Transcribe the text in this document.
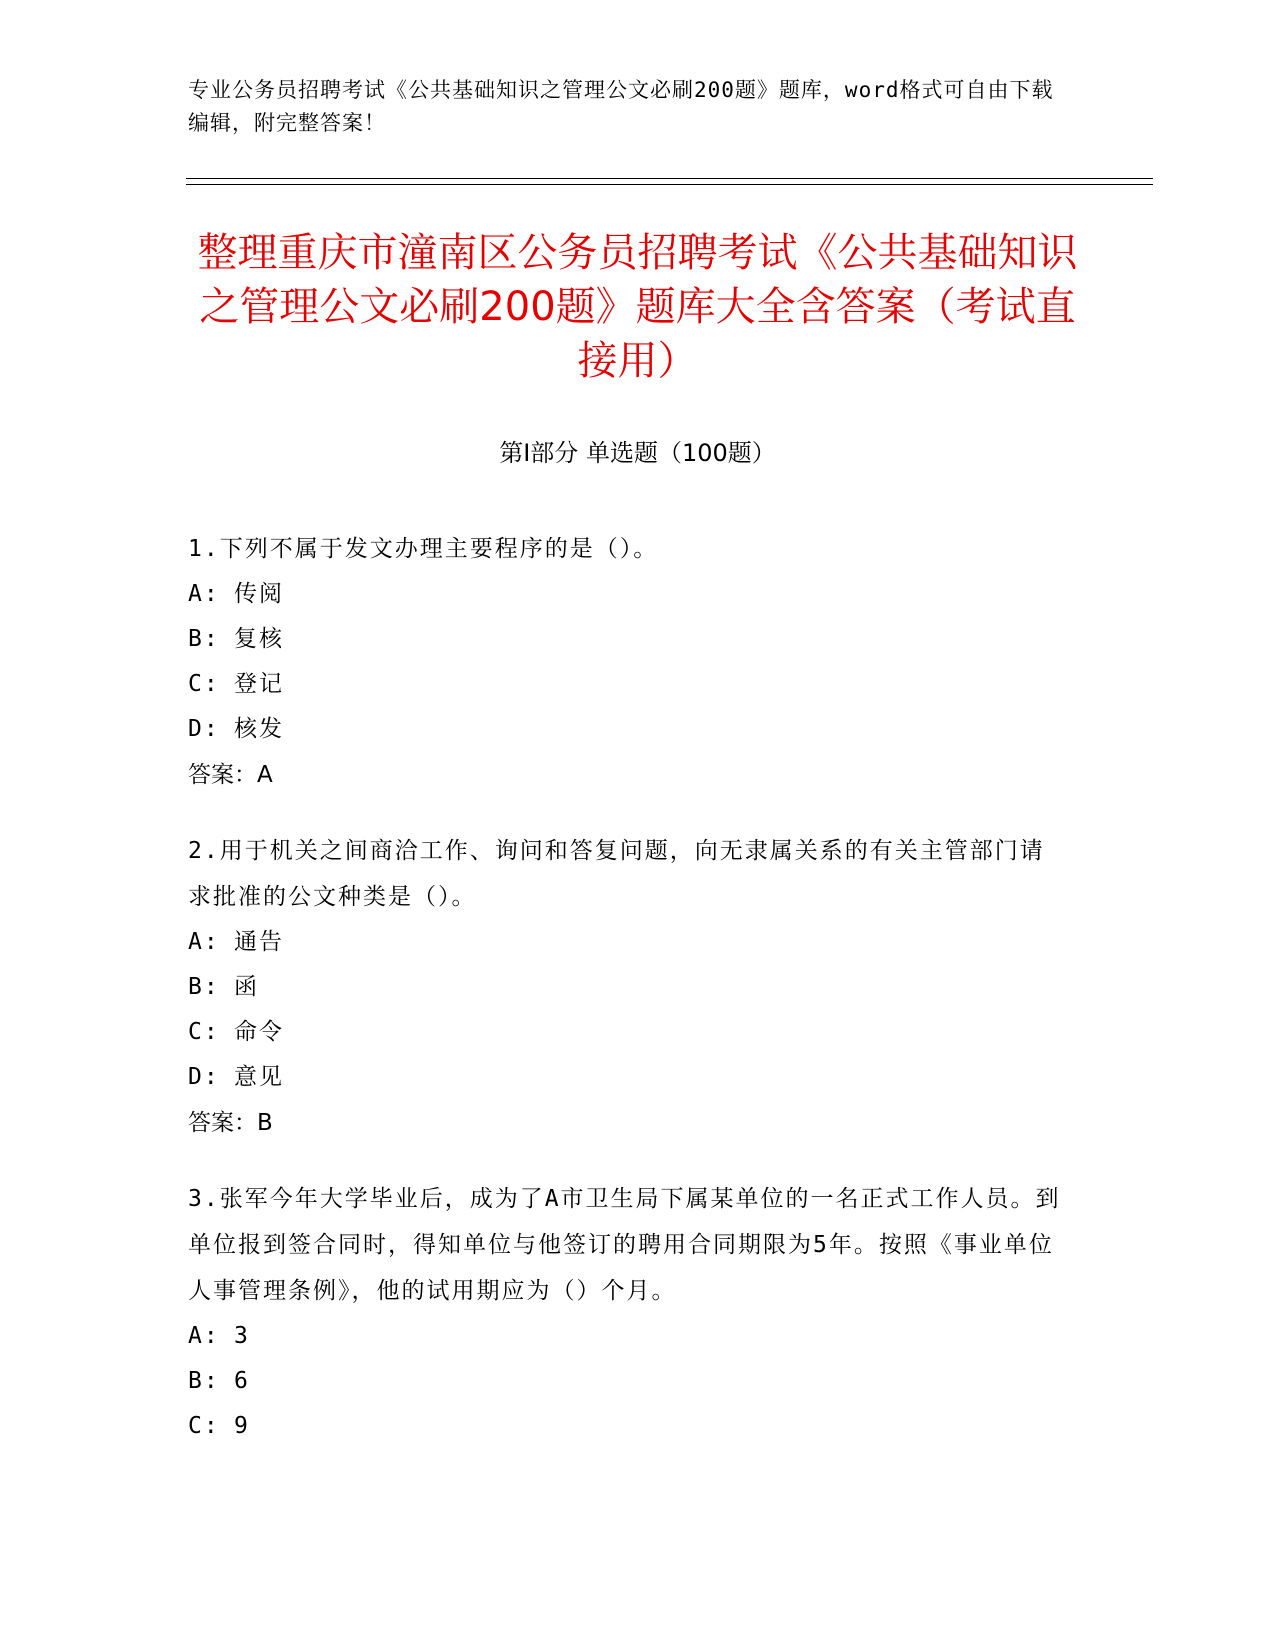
专业公务员招聘考试《公共基础知识之管理公文必刷200题》题库，word格式可自由下载编辑，附完整答案！
整理重庆市潼南区公务员招聘考试《公共基础知识之管理公文必刷200题》题库大全含答案（考试直接用）
第Ⅰ部分 单选题（100题）

1.下列不属于发文办理主要程序的是（）。

A: 传阅

B: 复核

C: 登记

D: 核发

答案：A

2.用于机关之间商洽工作、询问和答复问题，向无隶属关系的有关主管部门请求批准的公文种类是（）。

A: 通告

B: 函

C: 命令

D: 意见

答案：B

3.张军今年大学毕业后，成为了A市卫生局下属某单位的一名正式工作人员。到单位报到签合同时，得知单位与他签订的聘用合同期限为5年。按照《事业单位人事管理条例》，他的试用期应为（）个月。

A: 3

B: 6

C: 9
